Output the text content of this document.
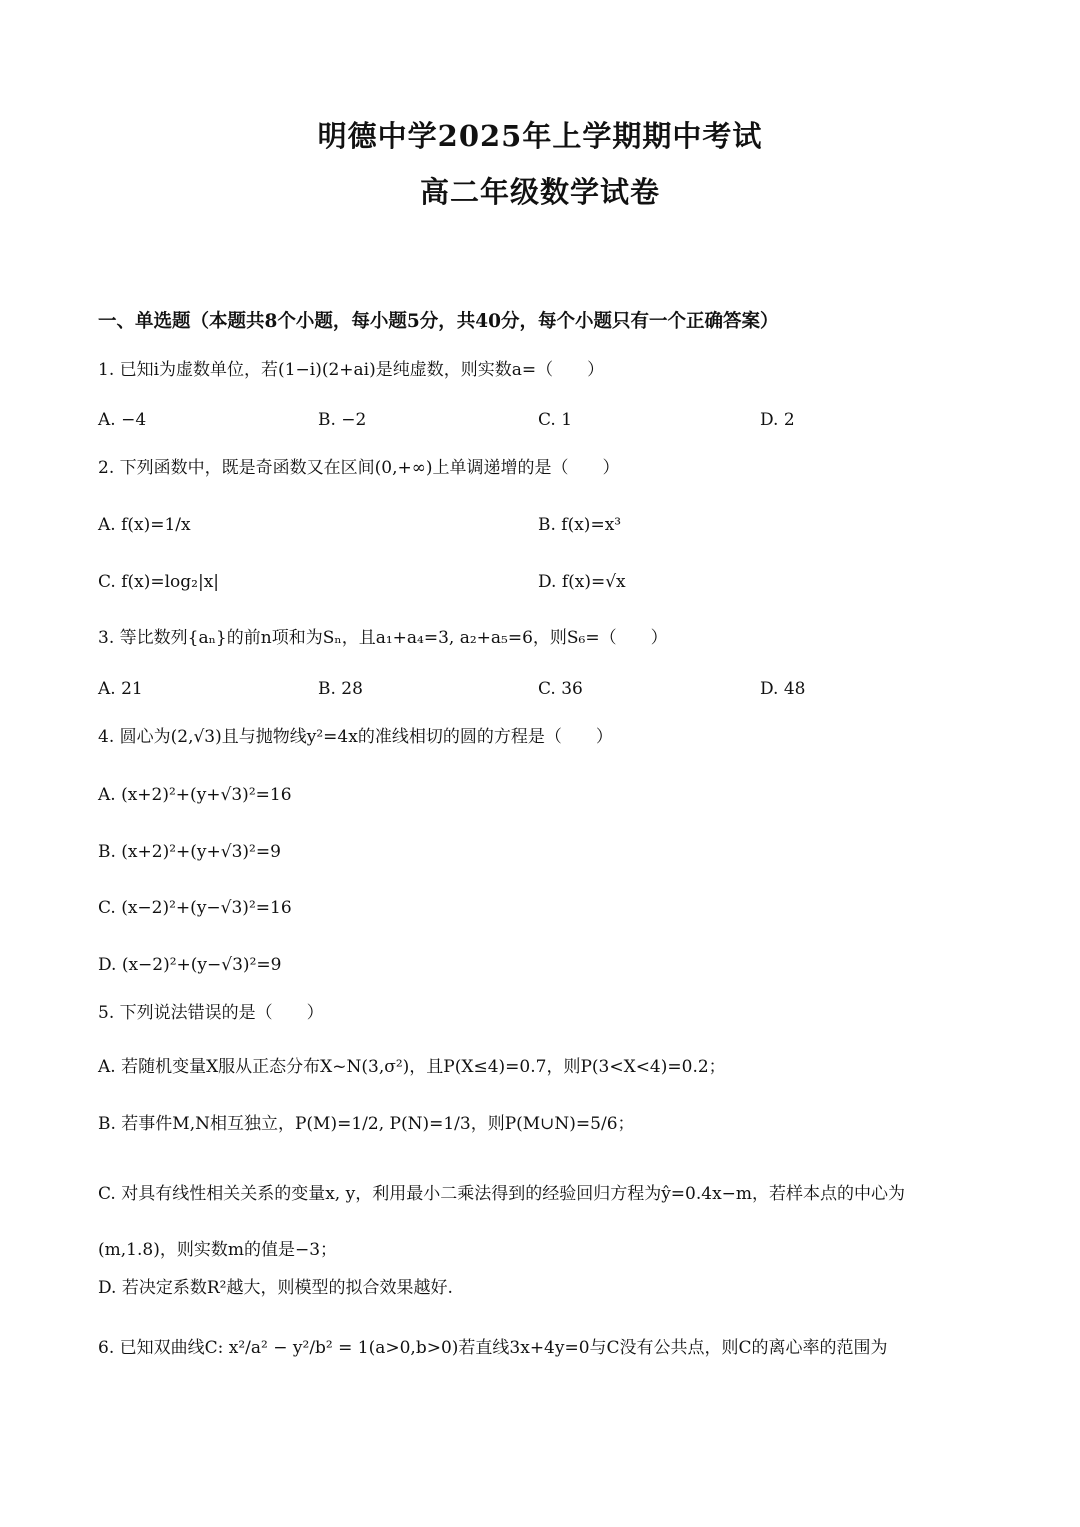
明德中学2025年上学期期中考试
高二年级数学试卷
一、单选题（本题共8个小题，每小题5分，共40分，每个小题只有一个正确答案）
1. 已知i为虚数单位，若(1−i)(2+ai)是纯虚数，则实数a=（　　）
A. −4	B. −2	C. 1	D. 2
2. 下列函数中，既是奇函数又在区间(0,+∞)上单调递增的是（　　）
A. f(x)=1/x	B. f(x)=x³
C. f(x)=log₂|x|	D. f(x)=√x
3. 等比数列{aₙ}的前n项和为Sₙ，且a₁+a₄=3, a₂+a₅=6，则S₆=（　　）
A. 21	B. 28	C. 36	D. 48
4. 圆心为(2,√3)且与抛物线y²=4x的准线相切的圆的方程是（　　）
A. (x+2)²+(y+√3)²=16
B. (x+2)²+(y+√3)²=9
C. (x−2)²+(y−√3)²=16
D. (x−2)²+(y−√3)²=9
5. 下列说法错误的是（　　）
A. 若随机变量X服从正态分布X~N(3,σ²)，且P(X≤4)=0.7，则P(3<X<4)=0.2；
B. 若事件M,N相互独立，P(M)=1/2, P(N)=1/3，则P(M∪N)=5/6；
C. 对具有线性相关关系的变量x, y，利用最小二乘法得到的经验回归方程为ŷ=0.4x−m，若样本点的中心为(m,1.8)，则实数m的值是−3；
D. 若决定系数R²越大，则模型的拟合效果越好.
6. 已知双曲线C: x²/a² − y²/b² = 1(a>0,b>0)若直线3x+4y=0与C没有公共点，则C的离心率的范围为
